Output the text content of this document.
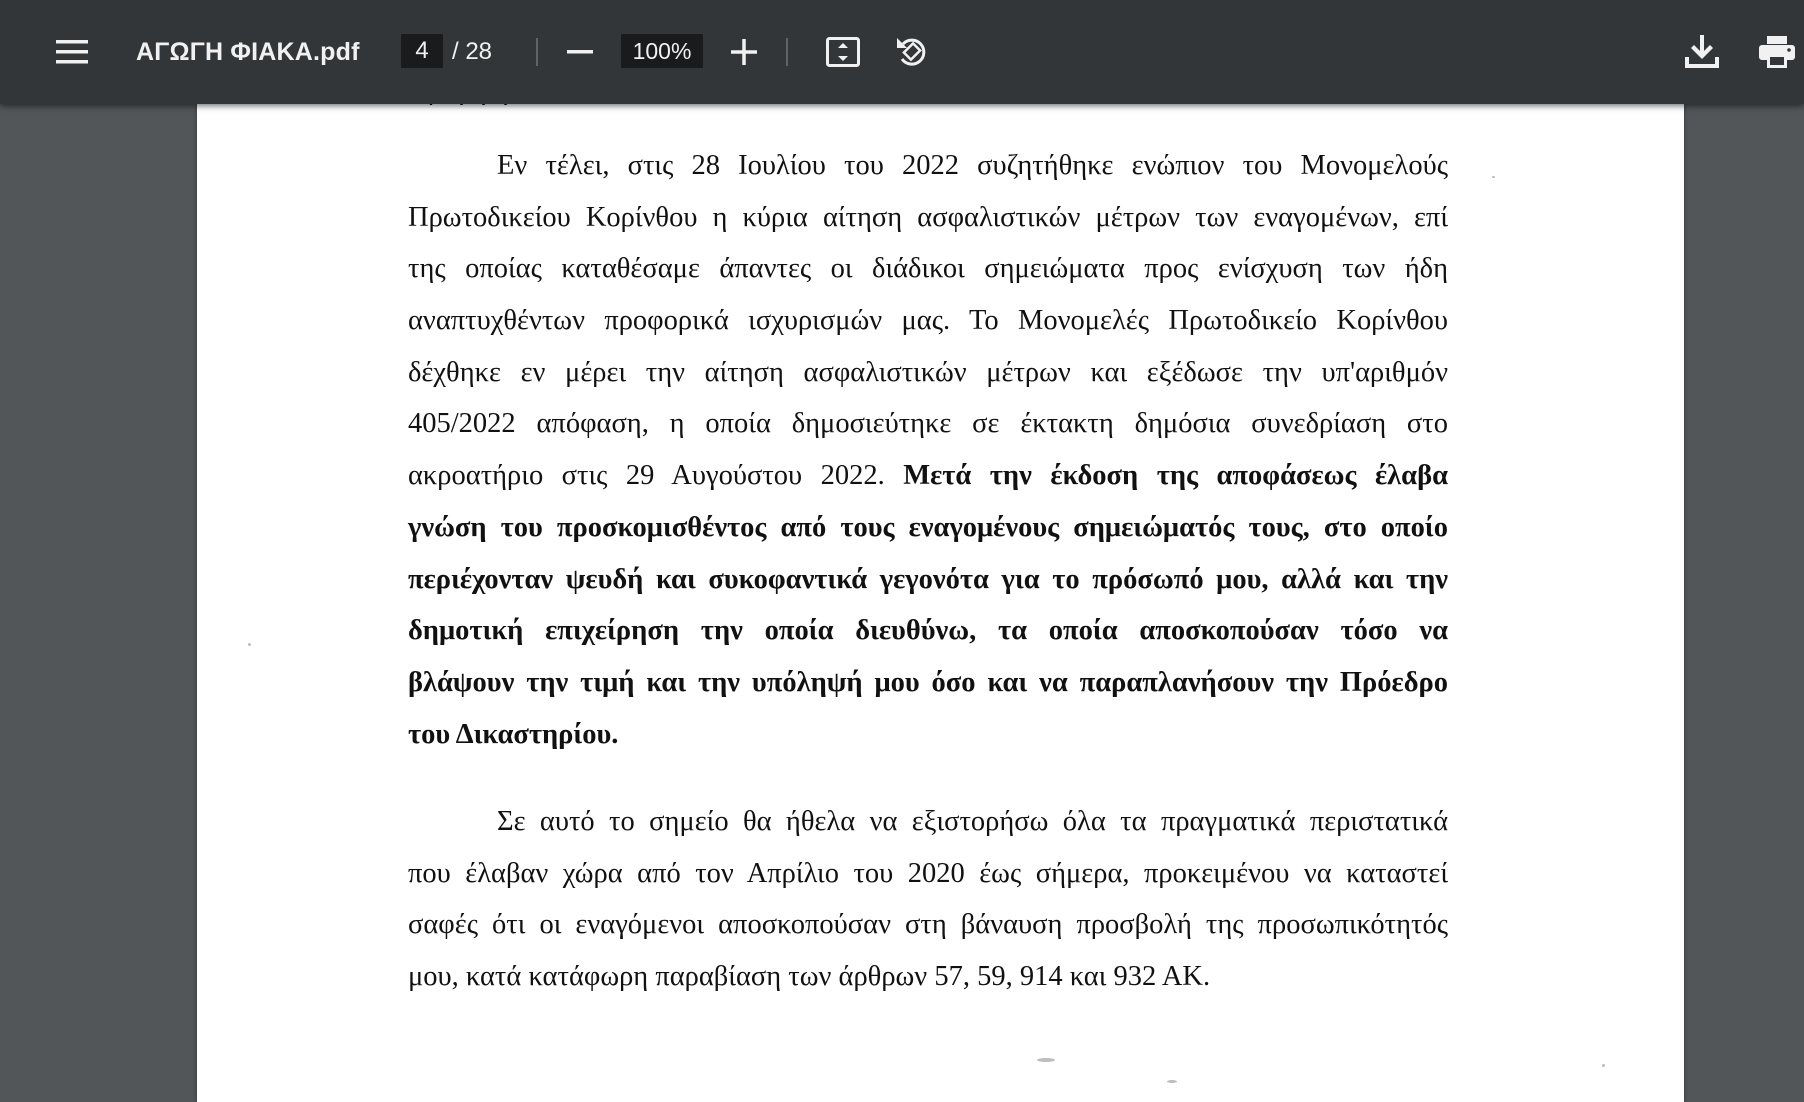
ΑΓΩΓΗ ΦΙΑΚΑ.pdf	4 / 28	100%
Εν τέλει, στις 28 Ιουλίου του 2022 συζητήθηκε ενώπιον του Μονομελούς
Πρωτοδικείου Κορίνθου η κύρια αίτηση ασφαλιστικών μέτρων των εναγομένων, επί
της οποίας καταθέσαμε άπαντες οι διάδικοι σημειώματα προς ενίσχυση των ήδη
αναπτυχθέντων προφορικά ισχυρισμών μας. Το Μονομελές Πρωτοδικείο Κορίνθου
δέχθηκε εν μέρει την αίτηση ασφαλιστικών μέτρων και εξέδωσε την υπ'αριθμόν
405/2022 απόφαση, η οποία δημοσιεύτηκε σε έκτακτη δημόσια συνεδρίαση στο
ακροατήριο στις 29 Αυγούστου 2022. Μετά την έκδοση της αποφάσεως έλαβα
γνώση του προσκομισθέντος από τους εναγομένους σημειώματός τους, στο οποίο
περιέχονταν ψευδή και συκοφαντικά γεγονότα για το πρόσωπό μου, αλλά και την
δημοτική επιχείρηση την οποία διευθύνω, τα οποία αποσκοπούσαν τόσο να
βλάψουν την τιμή και την υπόληψή μου όσο και να παραπλανήσουν την Πρόεδρο
του Δικαστηρίου.
Σε αυτό το σημείο θα ήθελα να εξιστορήσω όλα τα πραγματικά περιστατικά
που έλαβαν χώρα από τον Απρίλιο του 2020 έως σήμερα, προκειμένου να καταστεί
σαφές ότι οι εναγόμενοι αποσκοπούσαν στη βάναυση προσβολή της προσωπικότητός
μου, κατά κατάφωρη παραβίαση των άρθρων 57, 59, 914 και 932 ΑΚ.
